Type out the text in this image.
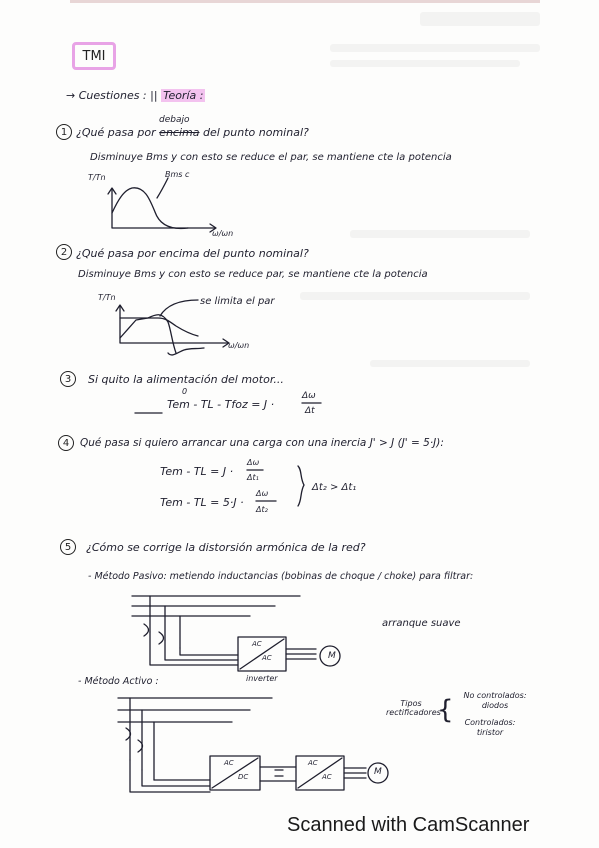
TMI
→ Cuestiones : || Teoría :
1 ¿Qué pasa por encima del punto nominal?
debajo
Disminuye Bms y con esto se reduce el par, se mantiene cte la potencia
T/Tn	Bms c
ω/ωn
2 ¿Qué pasa por encima del punto nominal?
Disminuye Bms y con esto se reduce par, se mantiene cte la potencia
T/Tn	se limita el par
ω/ωn
3	Si quito la alimentación del motor...
Tem - TL - Tfoz = J ·
0	Δω
Δt
4	Qué pasa si quiero arrancar una carga con una inercia J' > J (J' = 5·J):
Tem - TL = J ·
Δω
Δt₁
Tem - TL = 5·J ·
Δω
Δt₂
Δt₂ > Δt₁
5	¿Cómo se corrige la distorsión armónica de la red?
- Método Pasivo: metiendo inductancias (bobinas de choque / choke) para filtrar:
AC
AC
inverter
M
arranque suave
- Método Activo :
AC
DC
AC
AC	M
Tipos rectificadores
{	No controlados: diodos
Controlados: tiristor
Scanned with CamScanner
